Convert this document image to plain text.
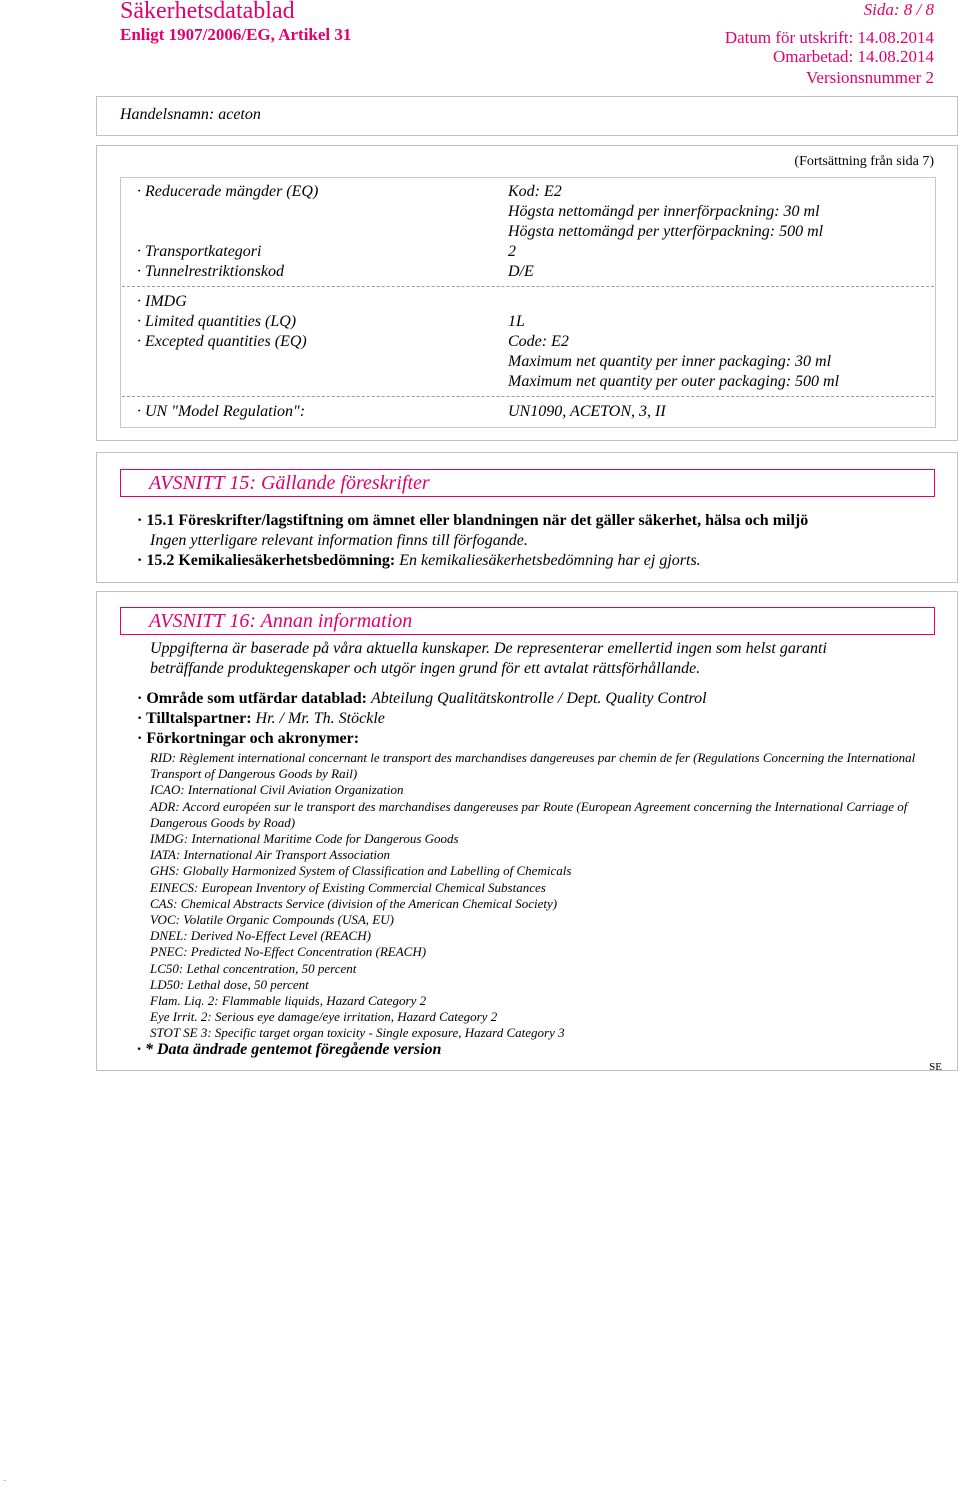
Säkerhetsdatablad
Enligt 1907/2006/EG, Artikel 31
Sida: 8 / 8
Datum för utskrift: 14.08.2014
Omarbetad: 14.08.2014
Versionsnummer 2
Handelsnamn: aceton
(Fortsättning från sida 7)
· Reducerade mängder (EQ)	Kod: E2
Högsta nettomängd per innerförpackning: 30 ml
Högsta nettomängd per ytterförpackning: 500 ml
· Transportkategori	2
· Tunnelrestriktionskod	D/E
· IMDG
· Limited quantities (LQ)	1L
· Excepted quantities (EQ)	Code: E2
Maximum net quantity per inner packaging: 30 ml
Maximum net quantity per outer packaging: 500 ml
· UN "Model Regulation":	UN1090, ACETON, 3, II
AVSNITT 15: Gällande föreskrifter
· 15.1 Föreskrifter/lagstiftning om ämnet eller blandningen när det gäller säkerhet, hälsa och miljö
Ingen ytterligare relevant information finns till förfogande.
· 15.2 Kemikaliesäkerhetsbedömning: En kemikaliesäkerhetsbedömning har ej gjorts.
AVSNITT 16: Annan information
Uppgifterna är baserade på våra aktuella kunskaper. De representerar emellertid ingen som helst garanti
beträffande produktegenskaper och utgör ingen grund för ett avtalat rättsförhållande.
· Område som utfärdar datablad: Abteilung Qualitätskontrolle / Dept. Quality Control
· Tilltalspartner: Hr. / Mr. Th. Stöckle
· Förkortningar och akronymer:
RID: Règlement international concernant le transport des marchandises dangereuses par chemin de fer (Regulations Concerning the International Transport of Dangerous Goods by Rail)
ICAO: International Civil Aviation Organization
ADR: Accord européen sur le transport des marchandises dangereuses par Route (European Agreement concerning the International Carriage of Dangerous Goods by Road)
IMDG: International Maritime Code for Dangerous Goods
IATA: International Air Transport Association
GHS: Globally Harmonized System of Classification and Labelling of Chemicals
EINECS: European Inventory of Existing Commercial Chemical Substances
CAS: Chemical Abstracts Service (division of the American Chemical Society)
VOC: Volatile Organic Compounds (USA, EU)
DNEL: Derived No-Effect Level (REACH)
PNEC: Predicted No-Effect Concentration (REACH)
LC50: Lethal concentration, 50 percent
LD50: Lethal dose, 50 percent
Flam. Liq. 2: Flammable liquids, Hazard Category 2
Eye Irrit. 2: Serious eye damage/eye irritation, Hazard Category 2
STOT SE 3: Specific target organ toxicity - Single exposure, Hazard Category 3
· * Data ändrade gentemot föregående version
SE
-
